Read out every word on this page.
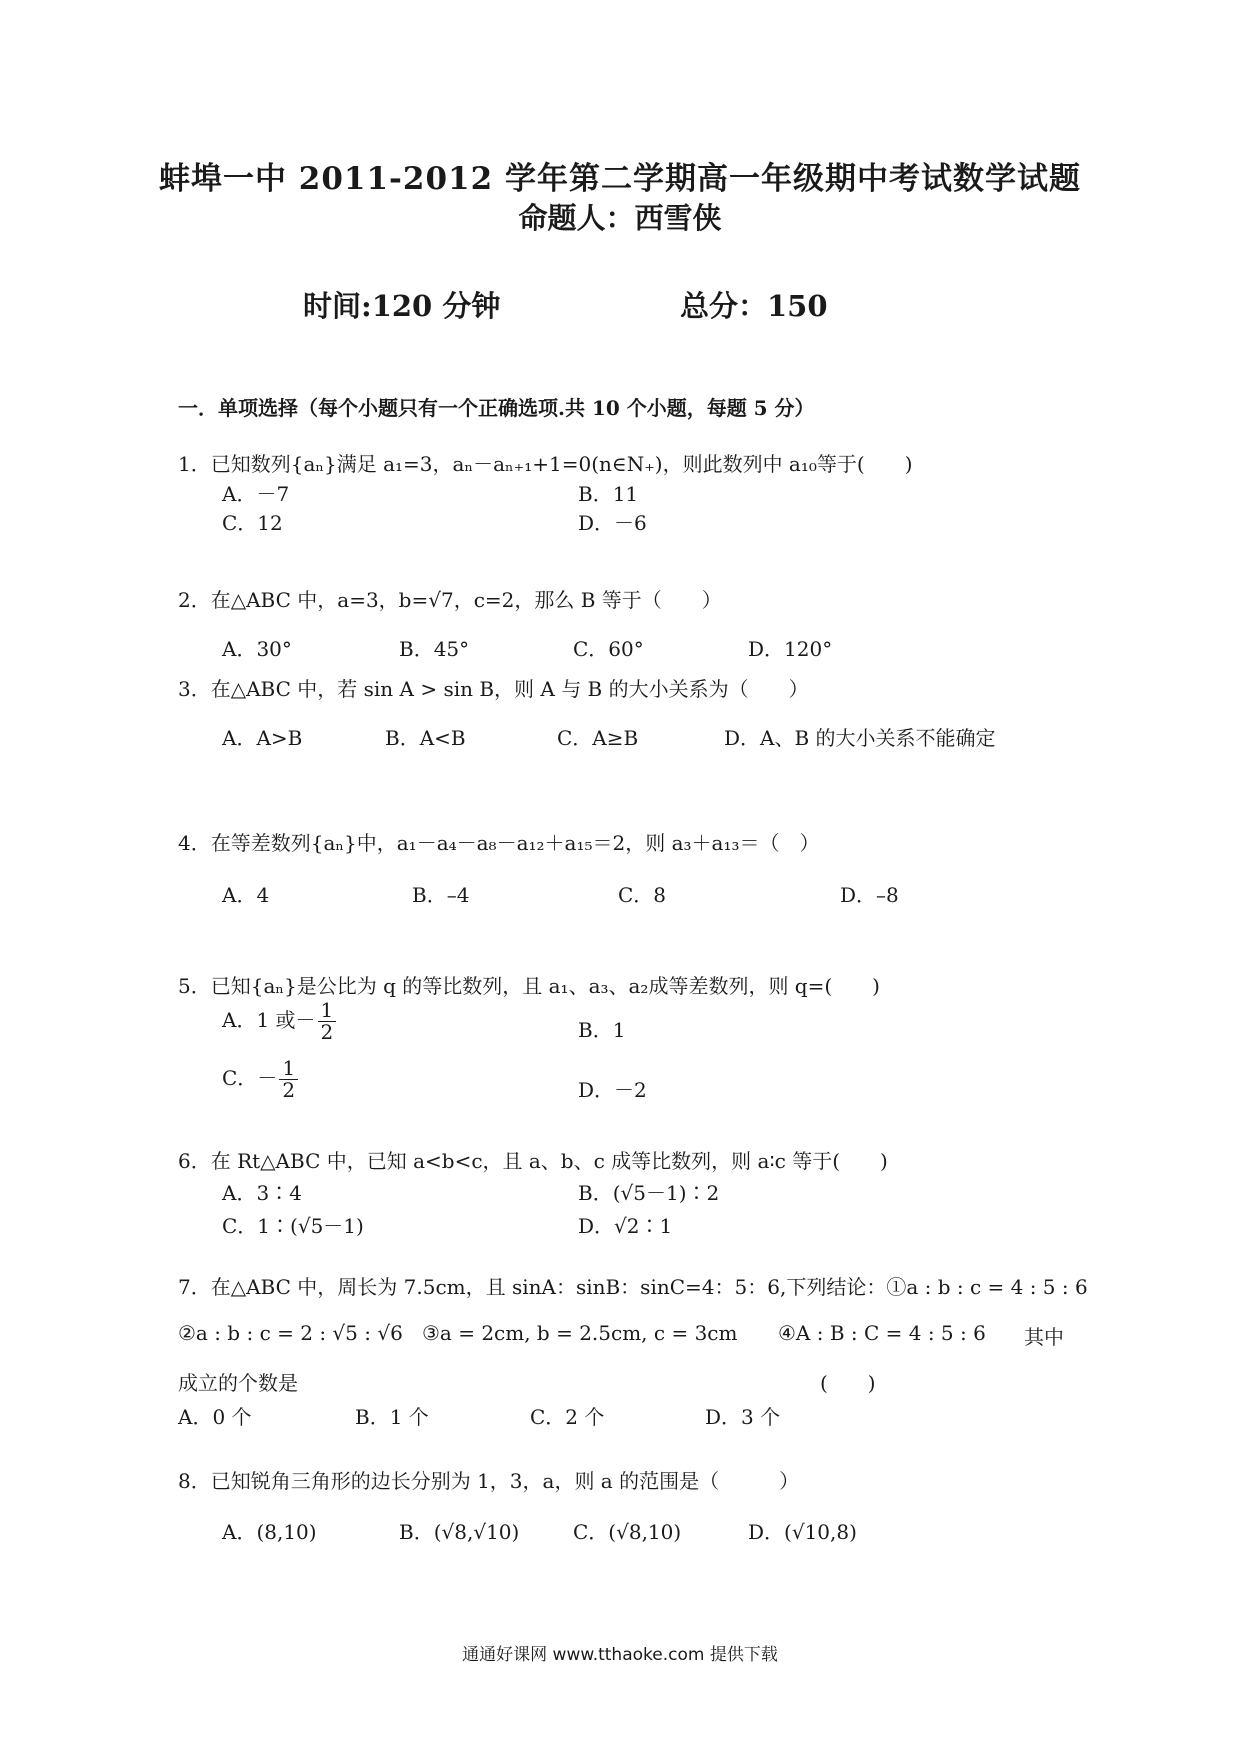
蚌埠一中 2011-2012 学年第二学期高一年级期中考试数学试题
命题人：西雪侠
时间:120 分钟	总分：150
一．单项选择（每个小题只有一个正确选项.共 10 个小题，每题 5 分）
1．已知数列{aₙ}满足 a₁=3，aₙ－aₙ₊₁+1=0(n∈N₊)，则此数列中 a₁₀等于(　　)
A．－7	B．11
C．12	D．－6
2．在△ABC 中，a=3，b=√7，c=2，那么 B 等于（　　）
A．30°	B．45°	C．60°	D．120°
3．在△ABC 中，若 sin A > sin B，则 A 与 B 的大小关系为（　　）
A．A>B	B．A<B	C．A≥B	D．A、B 的大小关系不能确定
4．在等差数列{aₙ}中，a₁－a₄－a₈－a₁₂＋a₁₅＝2，则 a₃＋a₁₃＝（　）
A．4	B．–4	C．8	D．–8
5．已知{aₙ}是公比为 q 的等比数列，且 a₁、a₃、a₂成等差数列，则 q=(　　)
A．1 或－ $\frac{1}{2}$	B．1
C．－ $\frac{1}{2}$	D．－2
6．在 Rt△ABC 中，已知 a<b<c，且 a、b、c 成等比数列，则 a∶c 等于(　　)
A．3∶4	B．(√5－1)∶2
C．1∶(√5－1)	D．√2∶1
7．在△ABC 中，周长为 7.5cm，且 sinA：sinB：sinC=4：5：6,下列结论：①a : b : c = 4 : 5 : 6
②a : b : c = 2 : √5 : √6 ③a = 2cm, b = 2.5cm, c = 3cm ④A : B : C = 4 : 5 : 6 其中
成立的个数是	(　　)
A．0 个	B．1 个	C．2 个	D．3 个
8．已知锐角三角形的边长分别为 1，3，a，则 a 的范围是（　　　）
A．(8,10)	B．(√8,√10)	C．(√8,10)	D．(√10,8)
通通好课网 www.tthaoke.com 提供下载
